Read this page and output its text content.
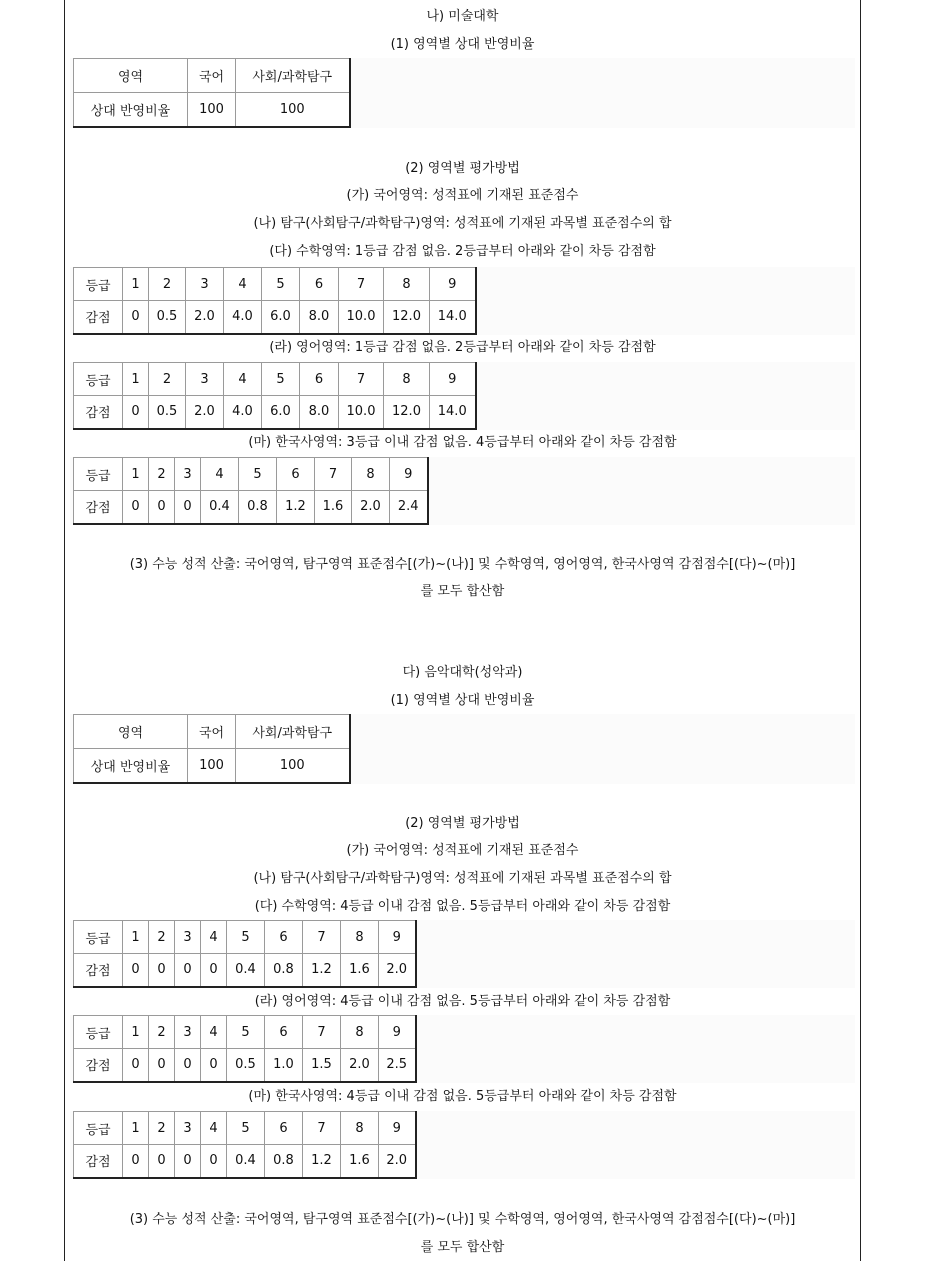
나) 미술대학
(1) 영역별 상대 반영비율
(2) 영역별 평가방법
(가) 국어영역: 성적표에 기재된 표준점수
(나) 탐구(사회탐구/과학탐구)영역: 성적표에 기재된 과목별 표준점수의 합
(3) 수능 성적 산출: 국어영역, 탐구영역 표준점수[(가)~(나)] 및 수학영역, 영어영역, 한국사영역 감점점수[(다)~(마)]
를 모두 합산함
영역	국어	사회/과학탐구
상대 반영비율	100	100
(다) 수학영역: 1등급 감점 없음. 2등급부터 아래와 같이 차등 감점함
등급	1	2	3	4	5	6	7	8	9
감점	0	0.5	2.0	4.0	6.0	8.0	10.0	12.0	14.0
(라) 영어영역: 1등급 감점 없음. 2등급부터 아래와 같이 차등 감점함
등급	1	2	3	4	5	6	7	8	9
감점	0	0.5	2.0	4.0	6.0	8.0	10.0	12.0	14.0
(마) 한국사영역: 3등급 이내 감점 없음. 4등급부터 아래와 같이 차등 감점함
등급	1	2	3	4	5	6	7	8	9
감점	0	0	0	0.4	0.8	1.2	1.6	2.0	2.4
다) 음악대학(성악과)
(1) 영역별 상대 반영비율
(2) 영역별 평가방법
(가) 국어영역: 성적표에 기재된 표준점수
(나) 탐구(사회탐구/과학탐구)영역: 성적표에 기재된 과목별 표준점수의 합
(3) 수능 성적 산출: 국어영역, 탐구영역 표준점수[(가)~(나)] 및 수학영역, 영어영역, 한국사영역 감점점수[(다)~(마)]
를 모두 합산함
영역	국어	사회/과학탐구
상대 반영비율	100	100
(다) 수학영역: 4등급 이내 감점 없음. 5등급부터 아래와 같이 차등 감점함
등급	1	2	3	4	5	6	7	8	9
감점	0	0	0	0	0.4	0.8	1.2	1.6	2.0
(라) 영어영역: 4등급 이내 감점 없음. 5등급부터 아래와 같이 차등 감점함
등급	1	2	3	4	5	6	7	8	9
감점	0	0	0	0	0.5	1.0	1.5	2.0	2.5
(마) 한국사영역: 4등급 이내 감점 없음. 5등급부터 아래와 같이 차등 감점함
등급	1	2	3	4	5	6	7	8	9
감점	0	0	0	0	0.4	0.8	1.2	1.6	2.0
